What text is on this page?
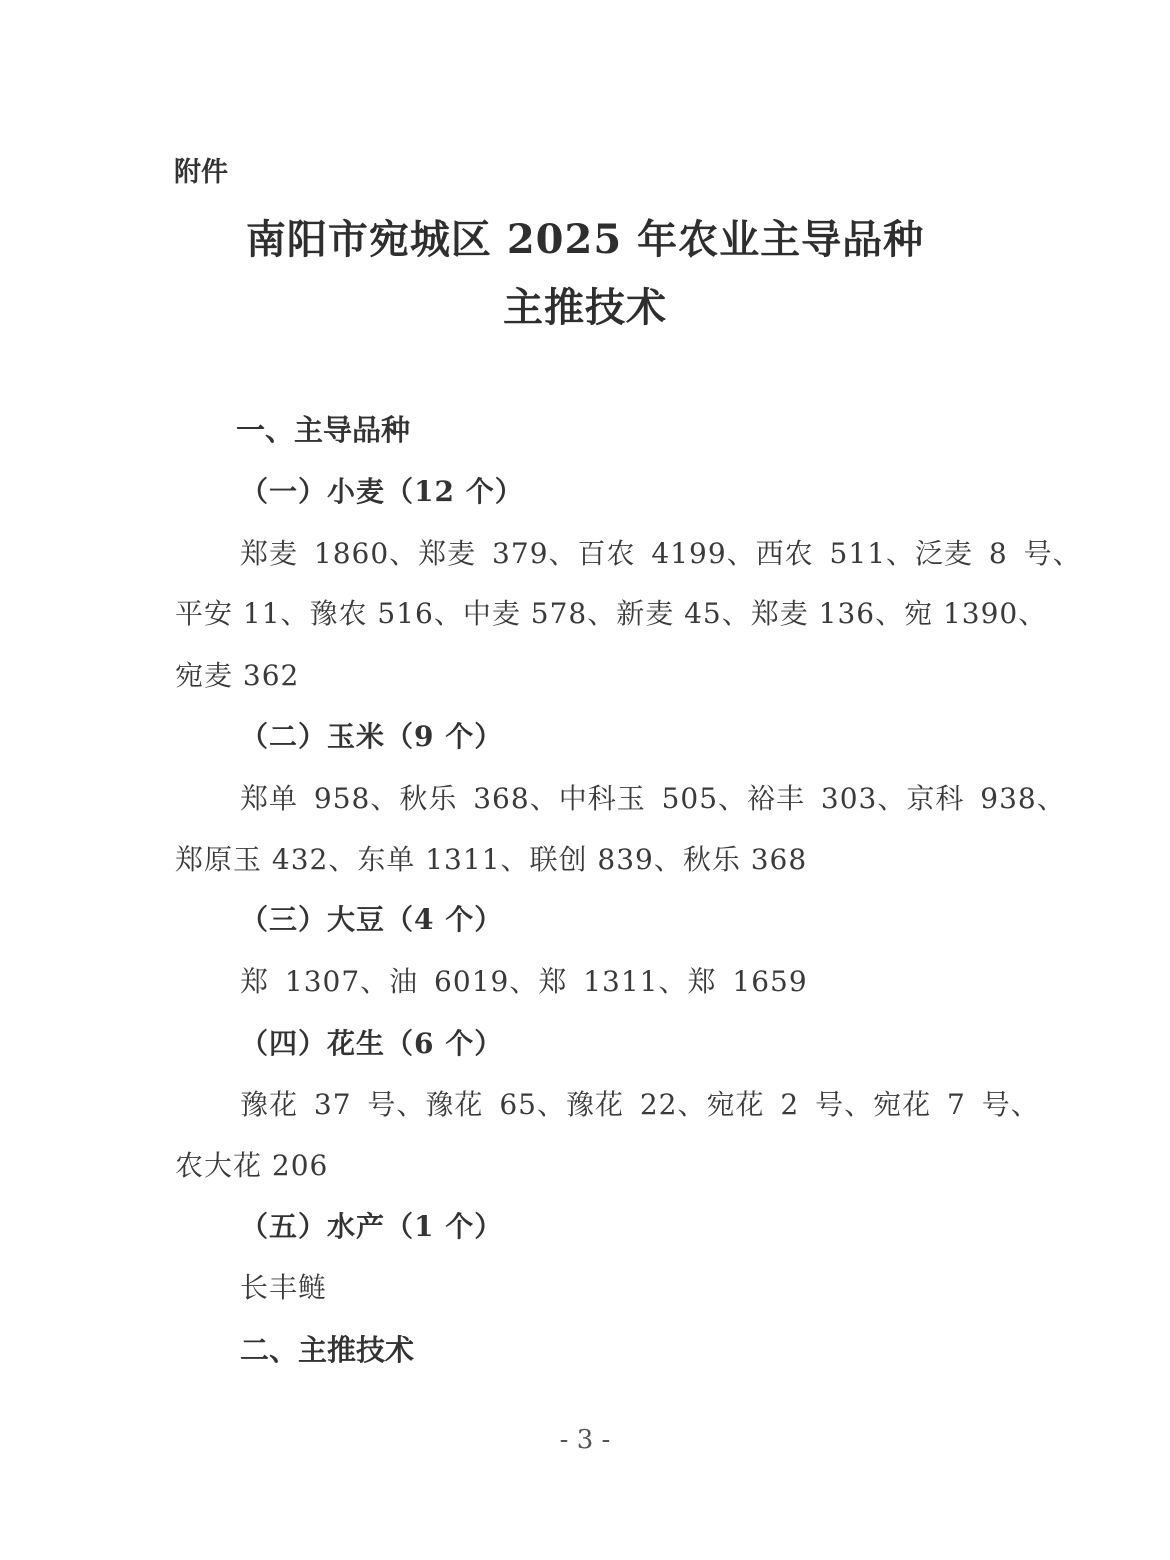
附件
南阳市宛城区 2025 年农业主导品种
主推技术
一、主导品种
（一）小麦（12 个）
郑麦 1860、郑麦 379、百农 4199、西农 511、泛麦 8 号、
平安 11、豫农 516、中麦 578、新麦 45、郑麦 136、宛 1390、
宛麦 362
（二）玉米（9 个）
郑单 958、秋乐 368、中科玉 505、裕丰 303、京科 938、
郑原玉 432、东单 1311、联创 839、秋乐 368
（三）大豆（4 个）
郑 1307、油 6019、郑 1311、郑 1659
（四）花生（6 个）
豫花 37 号、豫花 65、豫花 22、宛花 2 号、宛花 7 号、
农大花 206
（五）水产（1 个）
长丰鲢
二、主推技术
- 3 -
